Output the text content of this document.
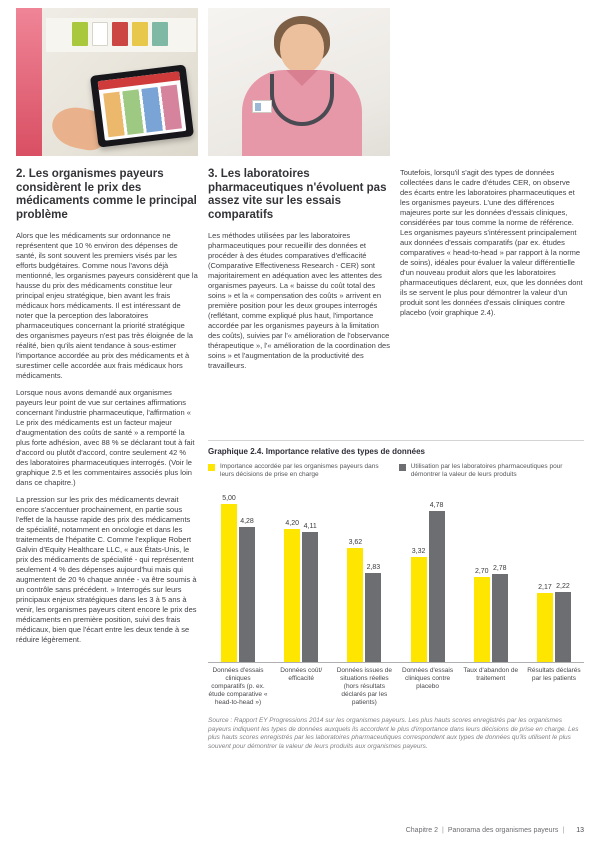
2. Les organismes payeurs considèrent le prix des médicaments comme le principal problème

Alors que les médicaments sur ordonnance ne représentent que 10 % environ des dépenses de santé, ils sont souvent les premiers visés par les efforts budgétaires. Comme nous l'avons déjà mentionné, les organismes payeurs considèrent que la hausse du prix des médicaments constitue leur principal enjeu stratégique, bien avant les frais médicaux hors médicaments. Il est intéressant de noter que la perception des laboratoires pharmaceutiques concernant la priorité stratégique des organismes payeurs n'est pas très éloignée de la réalité, bien qu'ils aient tendance à sous-estimer l'importance accordée au prix des médicaments et à surestimer celle accordée aux frais médicaux hors médicaments.

Lorsque nous avons demandé aux organismes payeurs leur point de vue sur certaines affirmations concernant l'industrie pharmaceutique, l'affirmation « Le prix des médicaments est un facteur majeur d'augmentation des coûts de santé » a remporté la plus forte adhésion, avec 88 % se déclarant tout à fait d'accord ou plutôt d'accord, contre seulement 42 % des laboratoires pharmaceutiques interrogés. (Voir le graphique 2.5 et les commentaires associés plus loin dans ce chapitre.)

La pression sur les prix des médicaments devrait encore s'accentuer prochainement, en partie sous l'effet de la hausse rapide des prix des médicaments de spécialité, notamment en oncologie et dans les traitements de l'hépatite C. Comme l'explique Robert Galvin d'Equity Healthcare LLC, « aux États-Unis, le prix des médicaments de spécialité - qui représentent seulement 4 % des dépenses aujourd'hui mais qui augmentent de 20 % chaque année - va être soumis à un contrôle sans précédent. » Interrogés sur leurs principaux enjeux stratégiques dans les 3 à 5 ans à venir, les organismes payeurs citent encore le prix des médicaments en première position, suivi des frais médicaux, bien que l'écart entre les deux tende à se réduire légèrement.

3. Les laboratoires pharmaceutiques n'évoluent pas assez vite sur les essais comparatifs

Les méthodes utilisées par les laboratoires pharmaceutiques pour recueillir des données et procéder à des études comparatives d'efficacité (Comparative Effectiveness Research - CER) sont majoritairement en adéquation avec les attentes des organismes payeurs. La « baisse du coût total des soins » et la « compensation des coûts » arrivent en première position pour les deux groupes interrogés (reflétant, comme expliqué plus haut, l'importance accordée par les organismes payeurs à la limitation des coûts), suivies par l'« amélioration de l'observance thérapeutique », l'« amélioration de la coordination des soins » et l'augmentation de la productivité des travailleurs.

Toutefois, lorsqu'il s'agit des types de données collectées dans le cadre d'études CER, on observe des écarts entre les laboratoires pharmaceutiques et les organismes payeurs. L'une des différences majeures porte sur les données d'essais cliniques, considérées par tous comme la norme de référence. Les organismes payeurs s'intéressent principalement aux données d'essais comparatifs (par ex. études comparatives « head-to-head » par rapport à la norme de soins), idéales pour évaluer la valeur différentielle d'un nouveau produit alors que les laboratoires pharmaceutiques déclarent, eux, que les données dont ils se servent le plus pour démontrer la valeur d'un produit sont les données d'essais cliniques contre placebo (voir graphique 2.4).

Graphique 2.4. Importance relative des types de données
Importance accordée par les organismes payeurs dans leurs décisions de prise en charge
Utilisation par les laboratoires pharmaceutiques pour démontrer la valeur de leurs produits
5,00
4,28	4,20 4,11
3,62
2,83
3,32
4,78
2,70 2,78
2,17 2,22
Données d'essais cliniques comparatifs (p. ex. étude comparative « head-to-head »)
Données coût/ efficacité
Données issues de situations réelles (hors résultats déclarés par les patients)
Données d'essais cliniques contre placebo
Taux d'abandon de traitement
Résultats déclarés par les patients
Source : Rapport EY Progressions 2014 sur les organismes payeurs. Les plus hauts scores enregistrés par les organismes payeurs indiquent les types de données auxquels ils accordent le plus d'importance dans leurs décisions de prise en charge. Les plus hauts scores enregistrés par les laboratoires pharmaceutiques correspondent aux types de données qu'ils utilisent le plus souvent pour démontrer la valeur de leurs produits aux organismes payeurs.
Chapitre 2 | Panorama des organismes payeurs | 13
